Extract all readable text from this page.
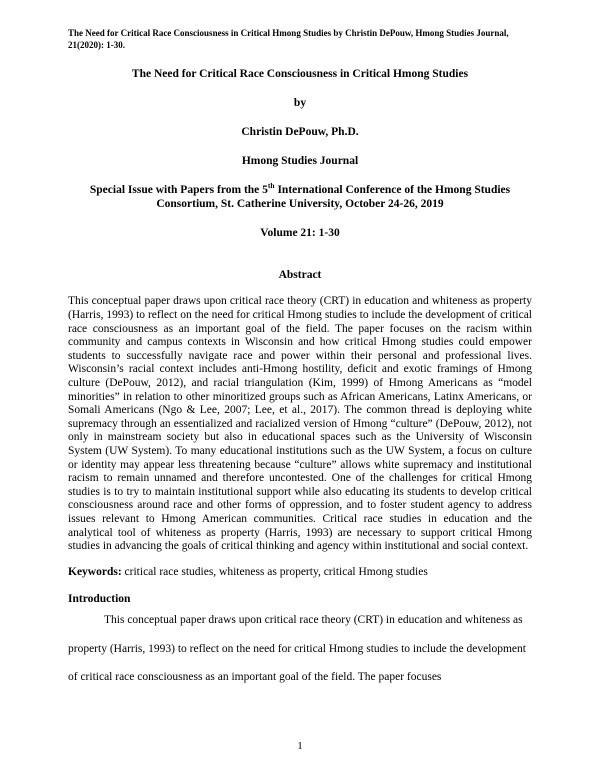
The Need for Critical Race Consciousness in Critical Hmong Studies by Christin DePouw, Hmong Studies Journal, 21(2020): 1-30.
The Need for Critical Race Consciousness in Critical Hmong Studies

by

Christin DePouw, Ph.D.

Hmong Studies Journal

Special Issue with Papers from the 5th International Conference of the Hmong Studies Consortium, St. Catherine University, October 24-26, 2019

Volume 21: 1-30

Abstract

This conceptual paper draws upon critical race theory (CRT) in education and whiteness as property (Harris, 1993) to reflect on the need for critical Hmong studies to include the development of critical race consciousness as an important goal of the field. The paper focuses on the racism within community and campus contexts in Wisconsin and how critical Hmong studies could empower students to successfully navigate race and power within their personal and professional lives. Wisconsin’s racial context includes anti-Hmong hostility, deficit and exotic framings of Hmong culture (DePouw, 2012), and racial triangulation (Kim, 1999) of Hmong Americans as “model minorities” in relation to other minoritized groups such as African Americans, Latinx Americans, or Somali Americans (Ngo & Lee, 2007; Lee, et al., 2017). The common thread is deploying white supremacy through an essentialized and racialized version of Hmong “culture” (DePouw, 2012), not only in mainstream society but also in educational spaces such as the University of Wisconsin System (UW System). To many educational institutions such as the UW System, a focus on culture or identity may appear less threatening because “culture” allows white supremacy and institutional racism to remain unnamed and therefore uncontested. One of the challenges for critical Hmong studies is to try to maintain institutional support while also educating its students to develop critical consciousness around race and other forms of oppression, and to foster student agency to address issues relevant to Hmong American communities. Critical race studies in education and the analytical tool of whiteness as property (Harris, 1993) are necessary to support critical Hmong studies in advancing the goals of critical thinking and agency within institutional and social context.

Keywords: critical race studies, whiteness as property, critical Hmong studies

Introduction

This conceptual paper draws upon critical race theory (CRT) in education and whiteness as property (Harris, 1993) to reflect on the need for critical Hmong studies to include the development of critical race consciousness as an important goal of the field. The paper focuses

1
